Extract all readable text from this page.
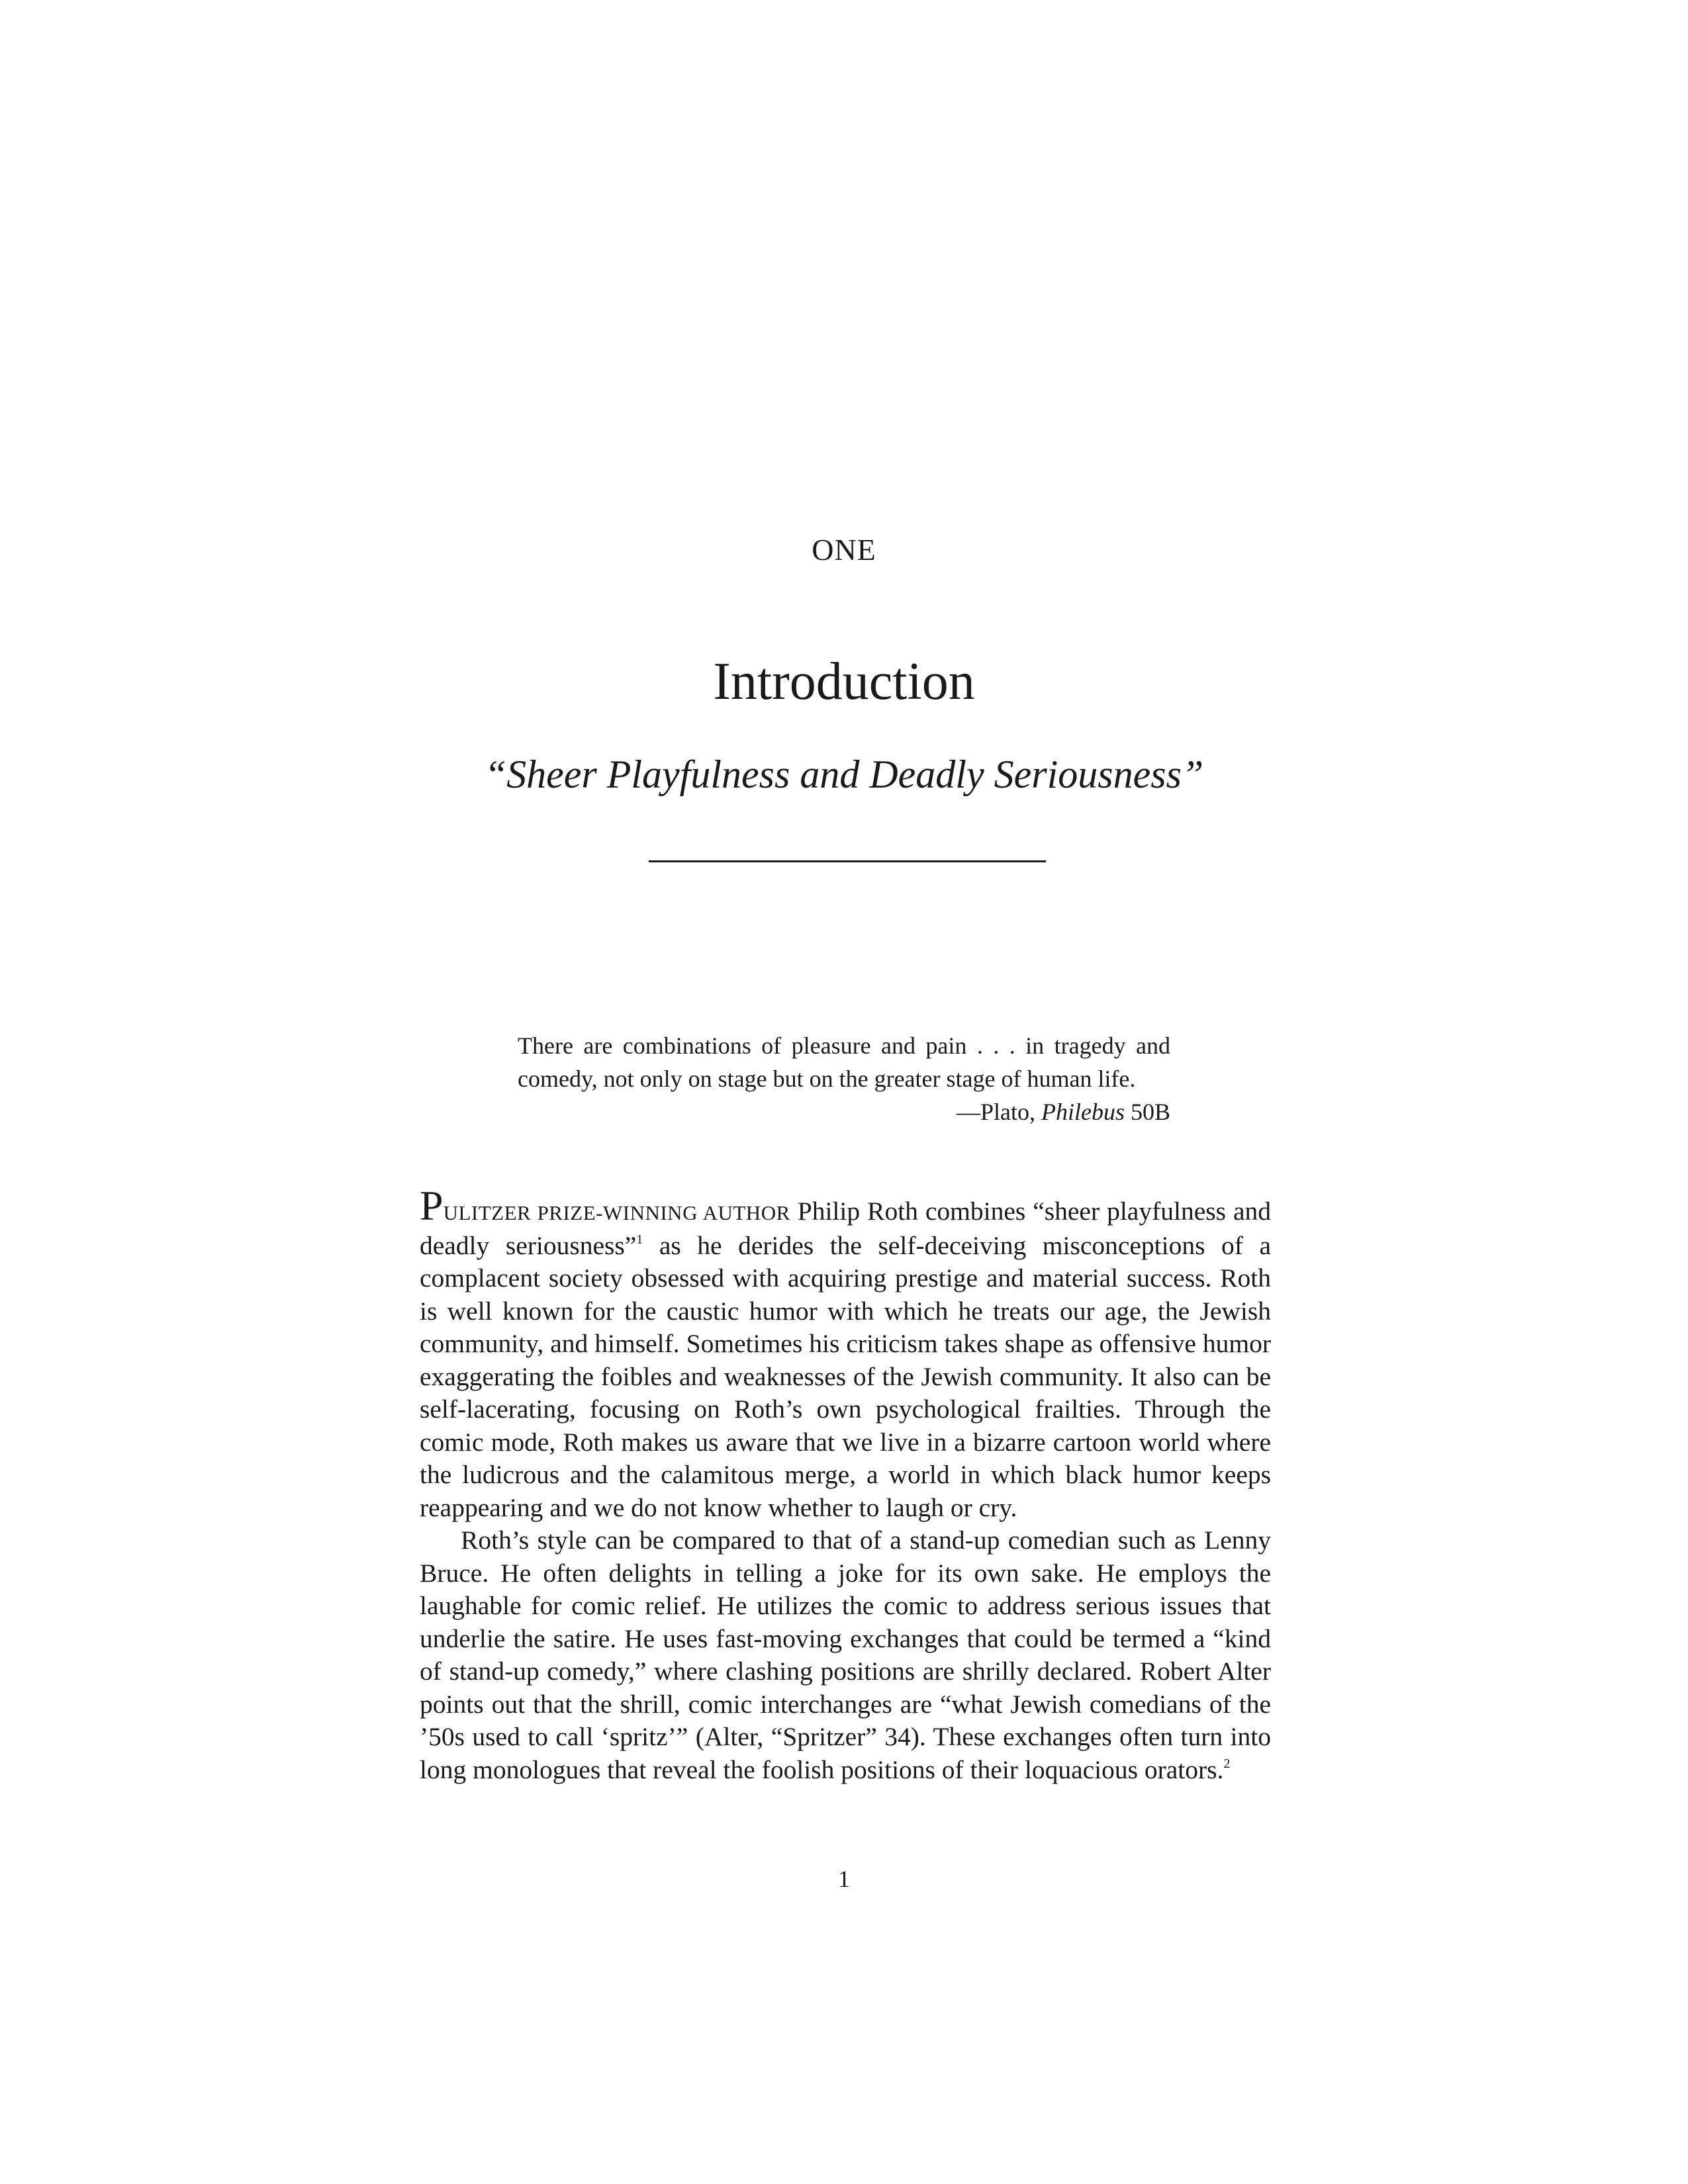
ONE
Introduction
“Sheer Playfulness and Deadly Seriousness”
There are combinations of pleasure and pain . . . in tragedy and comedy, not only on stage but on the greater stage of human life.
—Plato, Philebus 50B

PULITZER PRIZE-WINNING AUTHOR Philip Roth combines “sheer playfulness and deadly seriousness”$^1$ as he derides the self-deceiving misconceptions of a complacent society obsessed with acquiring prestige and material success. Roth is well known for the caustic humor with which he treats our age, the Jewish community, and himself. Sometimes his criticism takes shape as offensive humor exaggerating the foibles and weaknesses of the Jewish community. It also can be self-lacerating, focusing on Roth’s own psychological frailties. Through the comic mode, Roth makes us aware that we live in a bizarre cartoon world where the ludicrous and the calamitous merge, a world in which black humor keeps reappearing and we do not know whether to laugh or cry.

Roth’s style can be compared to that of a stand-up comedian such as Lenny Bruce. He often delights in telling a joke for its own sake. He employs the laughable for comic relief. He utilizes the comic to address serious issues that underlie the satire. He uses fast-moving exchanges that could be termed a “kind of stand-up comedy,” where clashing positions are shrilly declared. Robert Alter points out that the shrill, comic interchanges are “what Jewish comedians of the ’50s used to call ‘spritz’” (Alter, “Spritzer” 34). These exchanges often turn into long monologues that reveal the foolish positions of their loquacious orators.$^2$

1
